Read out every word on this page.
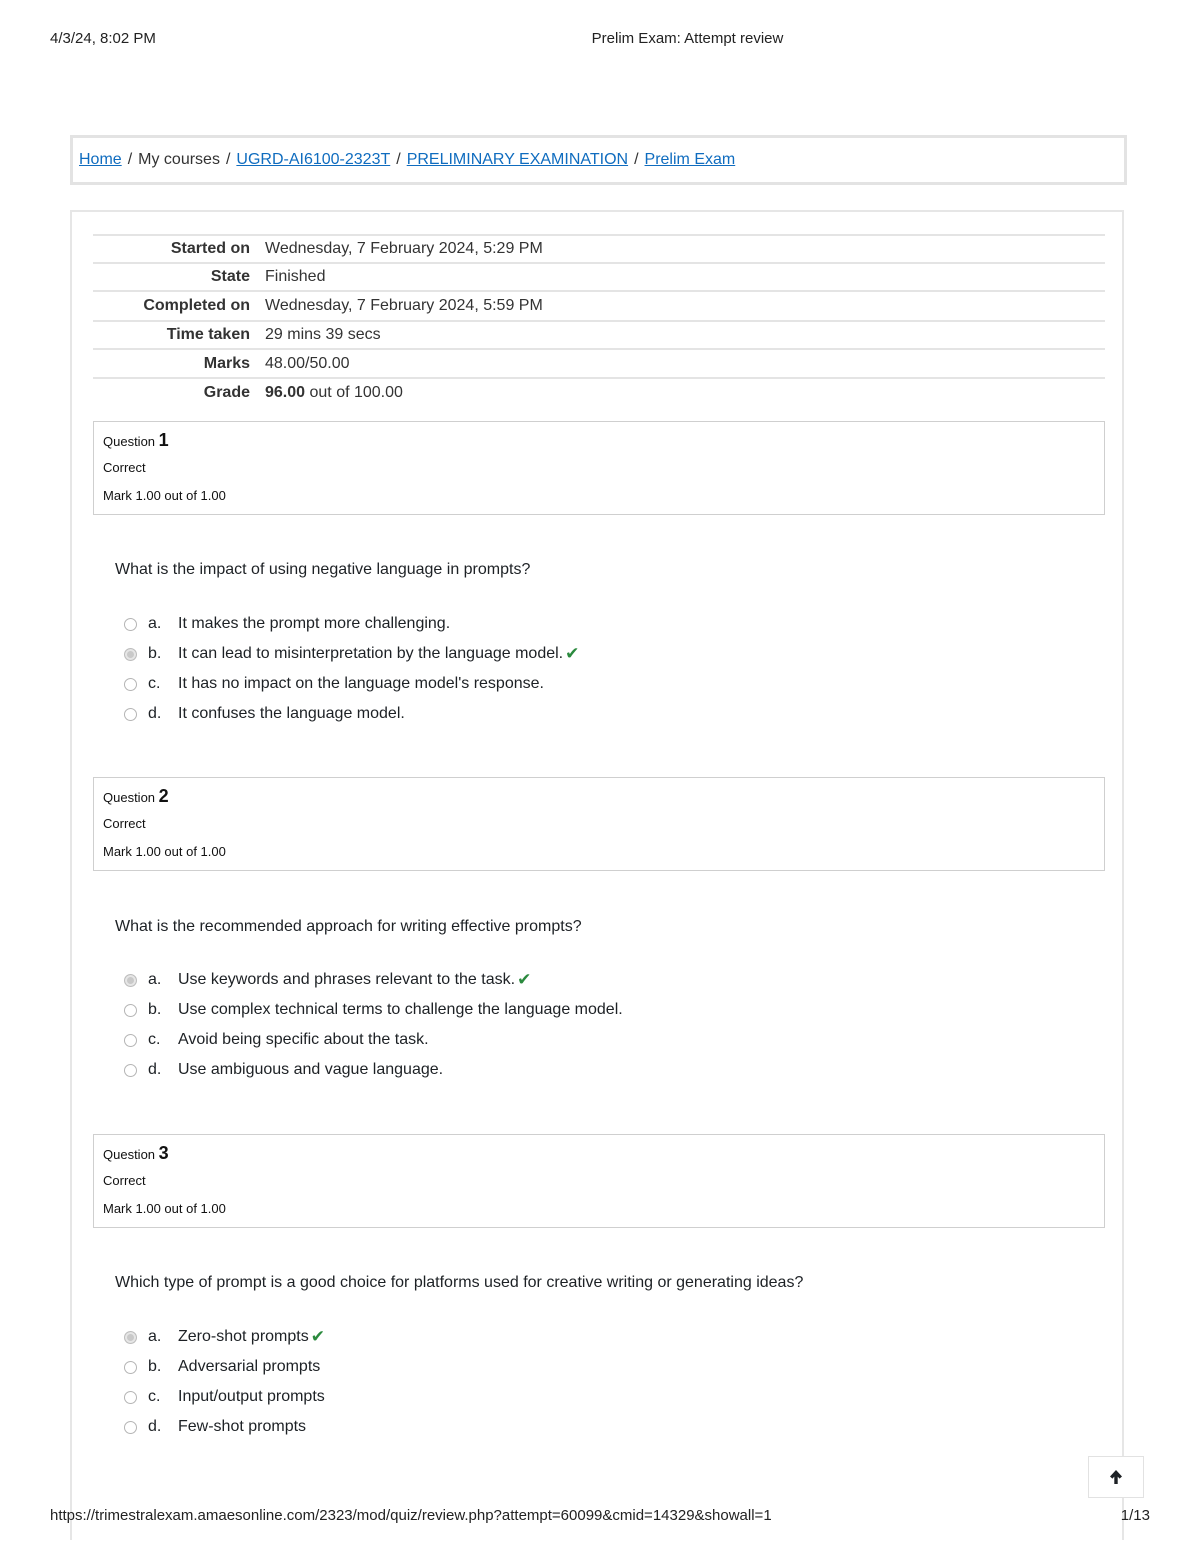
4/3/24, 8:02 PM	Prelim Exam: Attempt review
Home / My courses / UGRD-AI6100-2323T / PRELIMINARY EXAMINATION / Prelim Exam
Started on Wednesday, 7 February 2024, 5:29 PM
State Finished
Completed on Wednesday, 7 February 2024, 5:59 PM
Time taken 29 mins 39 secs
Marks 48.00/50.00
Grade 96.00 out of 100.00
Question 1
Correct
Mark 1.00 out of 1.00
What is the impact of using negative language in prompts?
a.	It makes the prompt more challenging.
b.	It can lead to misinterpretation by the language model. ✔
c.	It has no impact on the language model's response.
d.	It confuses the language model.
Question 2
Correct
Mark 1.00 out of 1.00
What is the recommended approach for writing effective prompts?
a.	Use keywords and phrases relevant to the task. ✔
b.	Use complex technical terms to challenge the language model.
c.	Avoid being specific about the task.
d.	Use ambiguous and vague language.
Question 3
Correct
Mark 1.00 out of 1.00
Which type of prompt is a good choice for platforms used for creative writing or generating ideas?
a.	Zero-shot prompts ✔
b.	Adversarial prompts
c.	Input/output prompts
d.	Few-shot prompts
https://trimestralexam.amaesonline.com/2323/mod/quiz/review.php?attempt=60099&cmid=14329&showall=1	1/13
